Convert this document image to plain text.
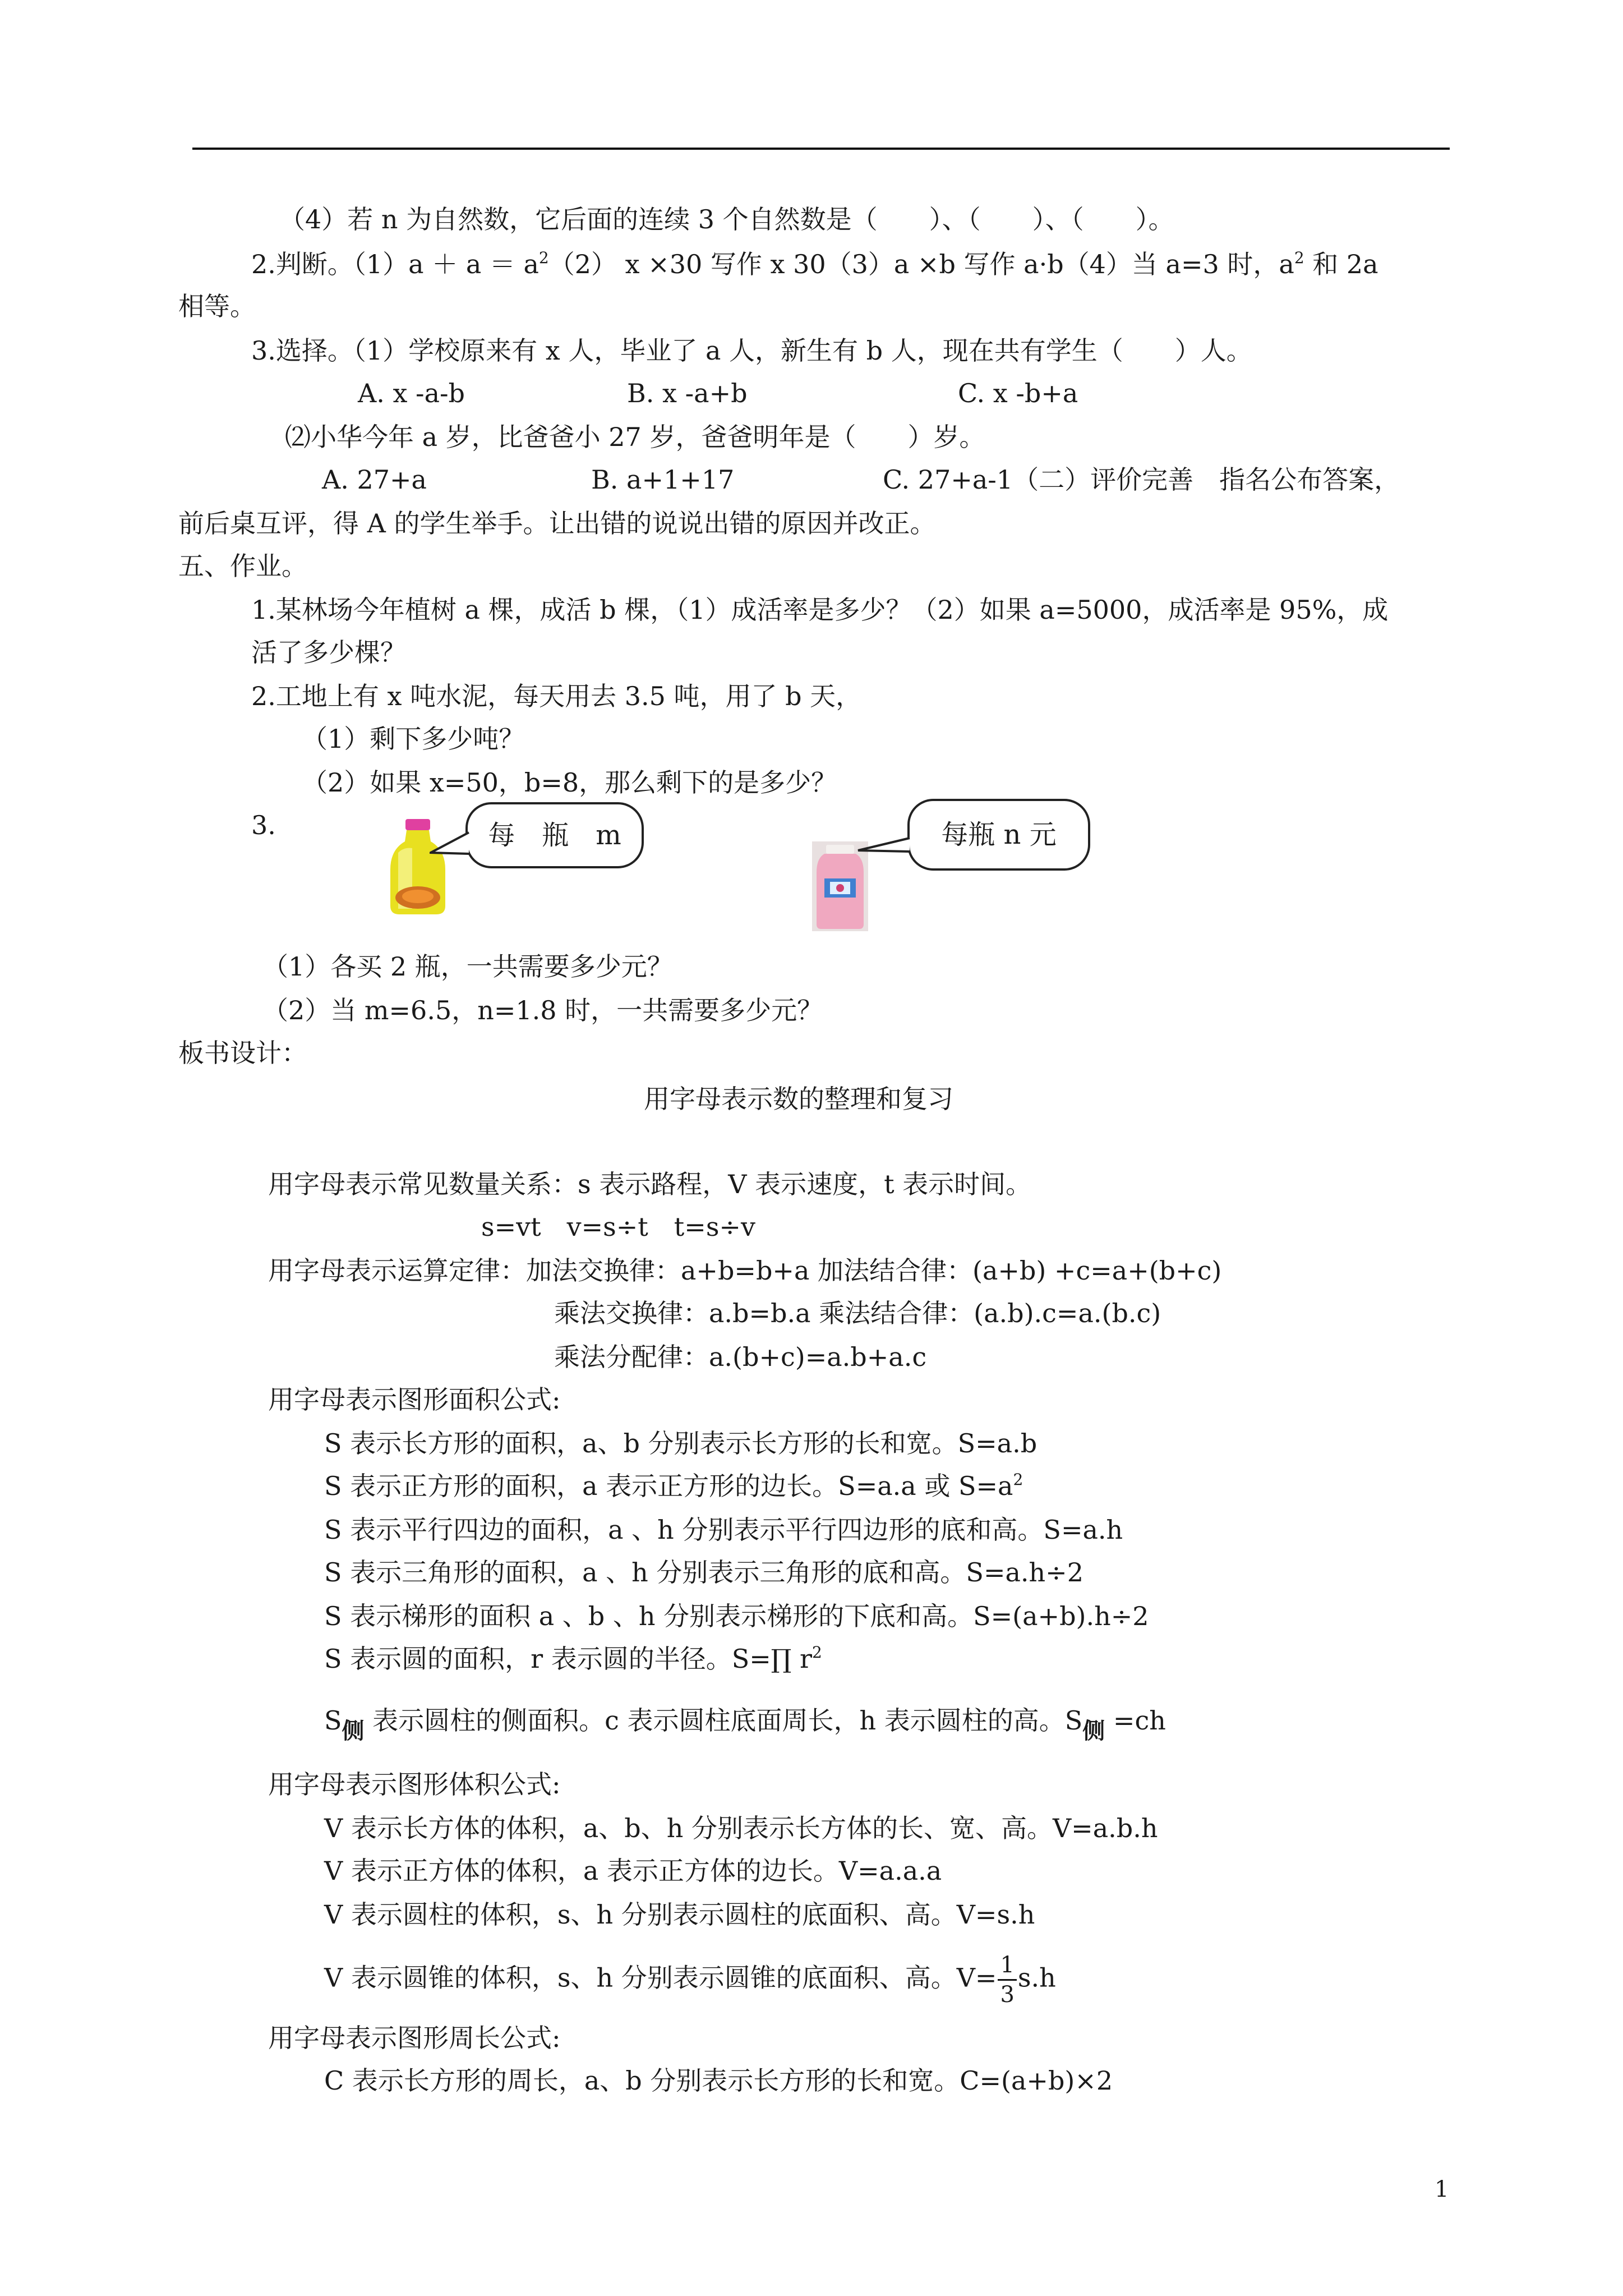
（4）若 n 为自然数，它后面的连续 3 个自然数是（　　）、（　　）、（　　）。
2.判断。$(1)a + a = a^2(2)$ x ×30 写作 x 30（3）a ×b 写作 a·b（4）当 a=3 时，$a^2$ 和 2a
相等。
3.选择。（1）学校原来有 x 人，毕业了 a 人，新生有 b 人，现在共有学生（　　）人。
A. x -a-b	B. x -a+b	C. x -b+a
⑵小华今年 a 岁，比爸爸小 27 岁，爸爸明年是（　　）岁。
A. 27+a	B. a+1+17	C. 27+a-1（二）评价完善　指名公布答案，
前后桌互评，得 A 的学生举手。让出错的说说出错的原因并改正。
五、作业。
1.某林场今年植树 a 棵，成活 b 棵，（1）成活率是多少？（2）如果 a=5000，成活率是 95%，成
活了多少棵？
2.工地上有 x 吨水泥，每天用去 3.5 吨，用了 b 天，
（1）剩下多少吨？
（2）如果 x=50，b=8，那么剩下的是多少？
3.	每　瓶　m	每瓶 n 元
（1）各买 2 瓶，一共需要多少元？
（2）当 m=6.5，n=1.8 时，一共需要多少元？
板书设计：
用字母表示数的整理和复习
用字母表示常见数量关系：s 表示路程，V 表示速度，t 表示时间。
s=vt　v=s÷t　t=s÷v
用字母表示运算定律：加法交换律：a+b=b+a 加法结合律：(a+b) +c=a+(b+c)
乘法交换律：a.b=b.a 乘法结合律：(a.b).c=a.(b.c)
乘法分配律：a.(b+c)=a.b+a.c
用字母表示图形面积公式:
S 表示长方形的面积，a、b 分别表示长方形的长和宽。S=a.b
S 表示正方形的面积，a 表示正方形的边长。S=a.a 或 $S=a^2$
S 表示平行四边的面积，a 、h 分别表示平行四边形的底和高。S=a.h
S 表示三角形的面积，a 、h 分别表示三角形的底和高。S=a.h÷2
S 表示梯形的面积 a 、b 、h 分别表示梯形的下底和高。S=(a+b).h÷2
S 表示圆的面积，r 表示圆的半径。S=∏ $r^2$
S侧 表示圆柱的侧面积。c 表示圆柱底面周长，h 表示圆柱的高。S侧 =ch
用字母表示图形体积公式:
V 表示长方体的体积，a、b、h 分别表示长方体的长、宽、高。V=a.b.h
V 表示正方体的体积，a 表示正方体的边长。V=a.a.a
V 表示圆柱的体积，s、h 分别表示圆柱的底面积、高。V=s.h
V 表示圆锥的体积，s、h 分别表示圆锥的底面积、高。$V= \frac{1}{3} s.h$
用字母表示图形周长公式:
C 表示长方形的周长，a、b 分别表示长方形的长和宽。C=(a+b)×2
1
